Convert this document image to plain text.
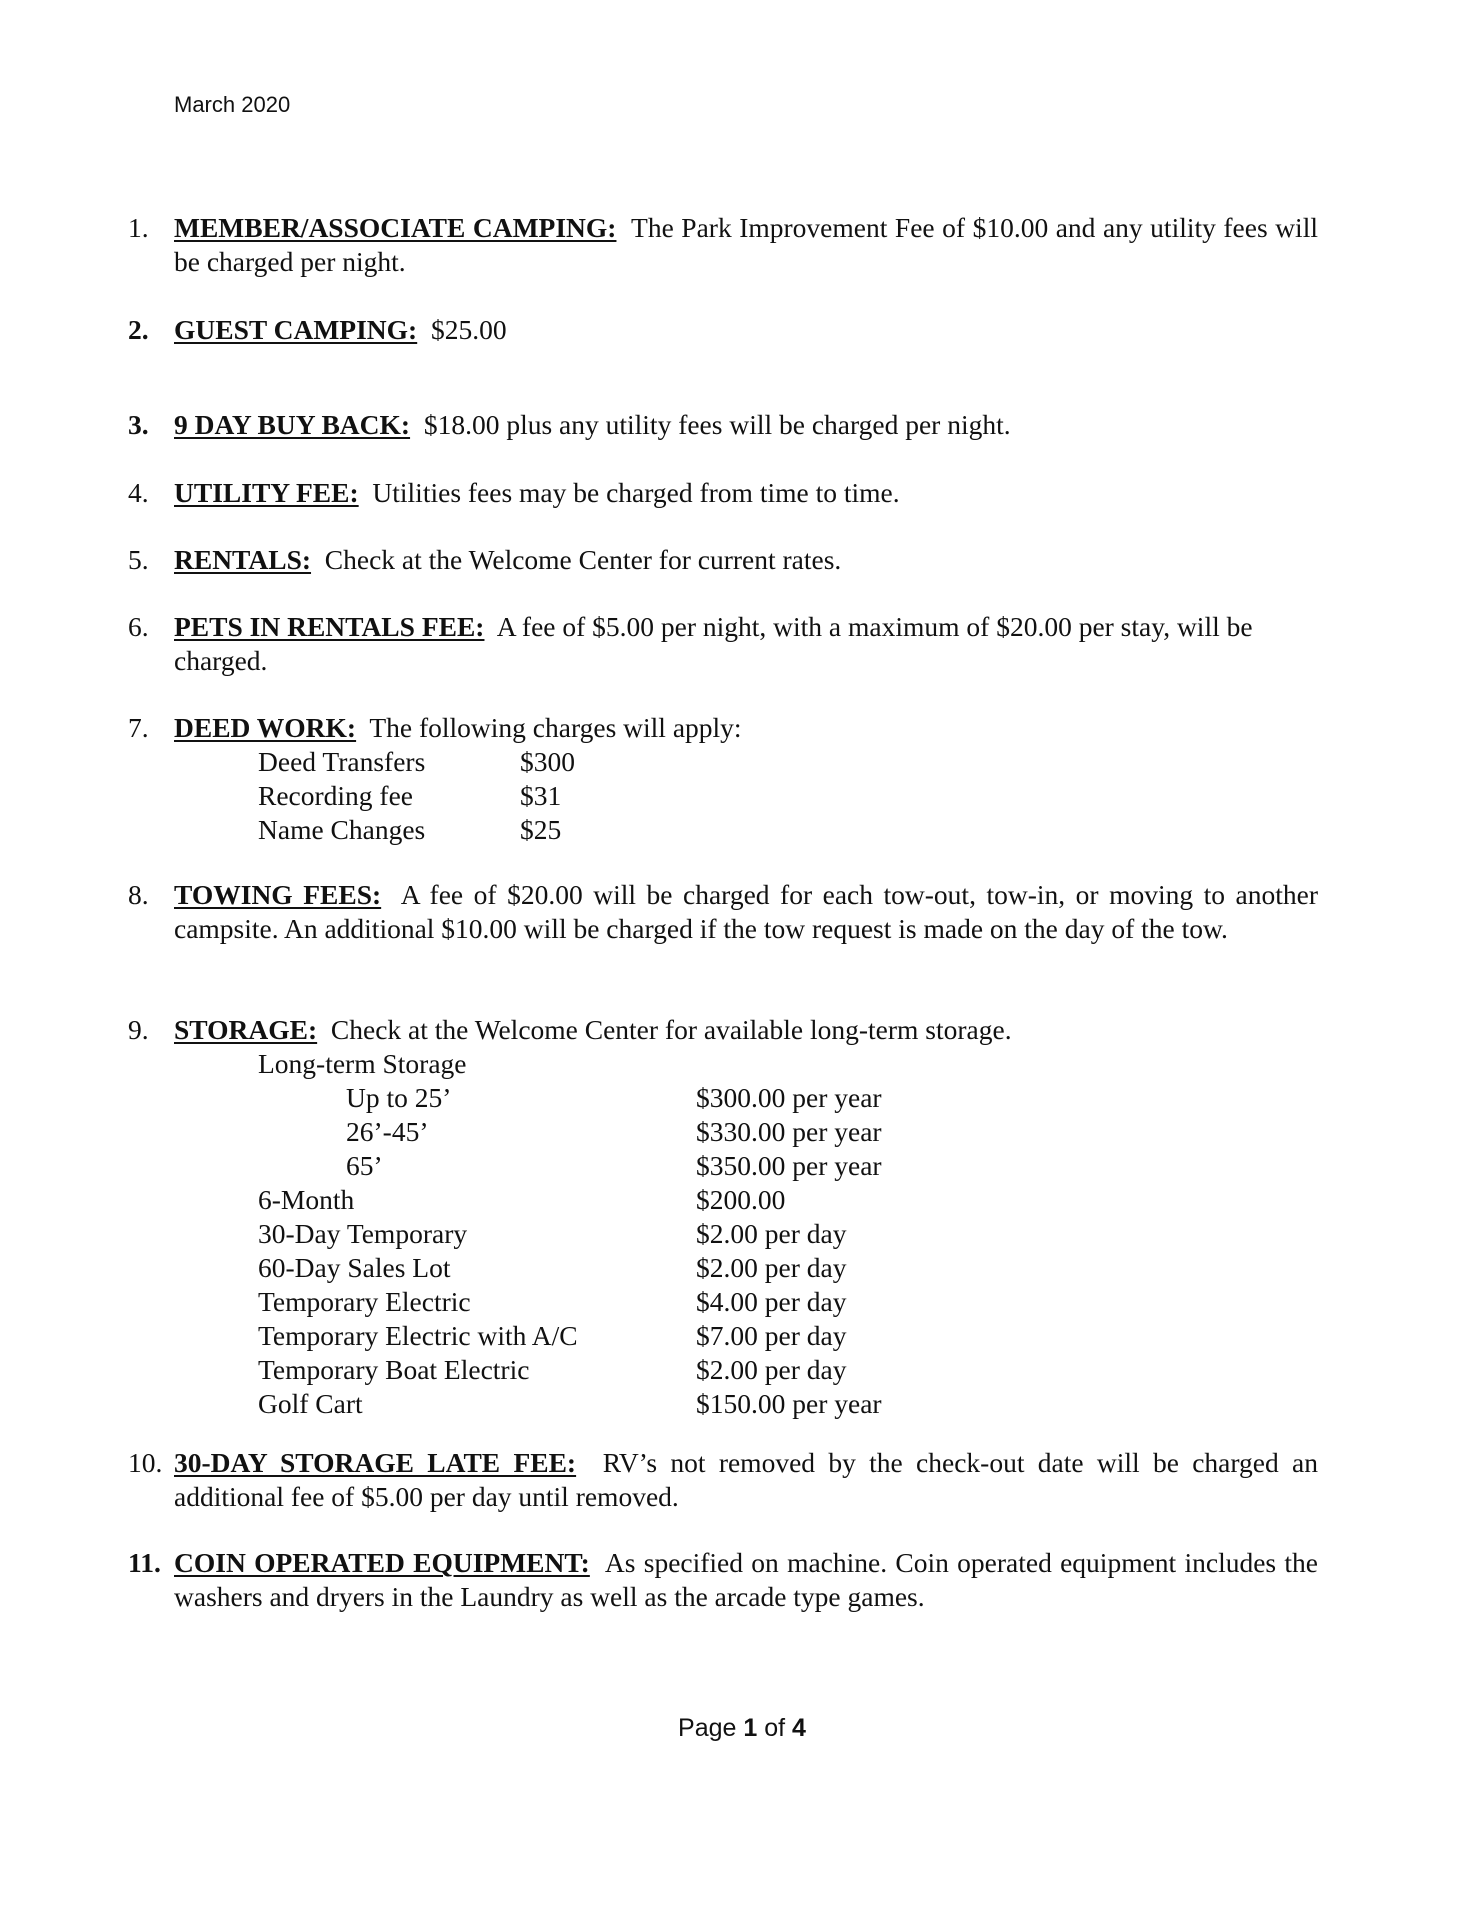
March 2020
1. MEMBER/ASSOCIATE CAMPING: The Park Improvement Fee of $10.00 and any utility fees will be charged per night.
2. GUEST CAMPING: $25.00
3. 9 DAY BUY BACK: $18.00 plus any utility fees will be charged per night.
4. UTILITY FEE: Utilities fees may be charged from time to time.
5. RENTALS: Check at the Welcome Center for current rates.
6. PETS IN RENTALS FEE: A fee of $5.00 per night, with a maximum of $20.00 per stay, will be charged.
7. DEED WORK: The following charges will apply:
Deed Transfers	$300
Recording fee	$31
Name Changes	$25
8. TOWING FEES: A fee of $20.00 will be charged for each tow-out, tow-in, or moving to another campsite. An additional $10.00 will be charged if the tow request is made on the day of the tow.
9. STORAGE: Check at the Welcome Center for available long-term storage.
Long-term Storage
Up to 25’	$300.00 per year
26’-45’	$330.00 per year
65’	$350.00 per year
6-Month	$200.00
30-Day Temporary	$2.00 per day
60-Day Sales Lot	$2.00 per day
Temporary Electric	$4.00 per day
Temporary Electric with A/C	$7.00 per day
Temporary Boat Electric	$2.00 per day
Golf Cart	$150.00 per year
10. 30-DAY STORAGE LATE FEE: RV’s not removed by the check-out date will be charged an additional fee of $5.00 per day until removed.
11. COIN OPERATED EQUIPMENT: As specified on machine. Coin operated equipment includes the washers and dryers in the Laundry as well as the arcade type games.
Page 1 of 4
